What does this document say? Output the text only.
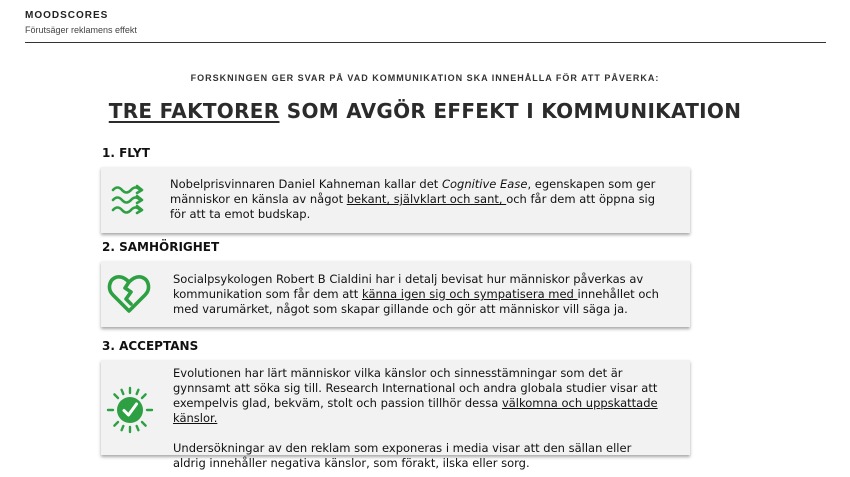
MOODSCORES
Förutsäger reklamens effekt
FORSKNINGEN GER SVAR PÅ VAD KOMMUNIKATION SKA INNEHÅLLA FÖR ATT PÅVERKA:
TRE FAKTORER SOM AVGÖR EFFEKT I KOMMUNIKATION
1. FLYT

Nobelprisvinnaren Daniel Kahneman kallar det Cognitive Ease, egenskapen som ger människor en känsla av något bekant, självklart och sant, och får dem att öppna sig för att ta emot budskap.

2. SAMHÖRIGHET

Socialpsykologen Robert B Cialdini har i detalj bevisat hur människor påverkas av kommunikation som får dem att känna igen sig och sympatisera med innehållet och med varumärket, något som skapar gillande och gör att människor vill säga ja.

3. ACCEPTANS

Evolutionen har lärt människor vilka känslor och sinnesstämningar som det är gynnsamt att söka sig till. Research International och andra globala studier visar att exempelvis glad, bekväm, stolt och passion tillhör dessa välkomna och uppskattade känslor.

Undersökningar av den reklam som exponeras i media visar att den sällan eller aldrig innehåller negativa känslor, som förakt, ilska eller sorg.
